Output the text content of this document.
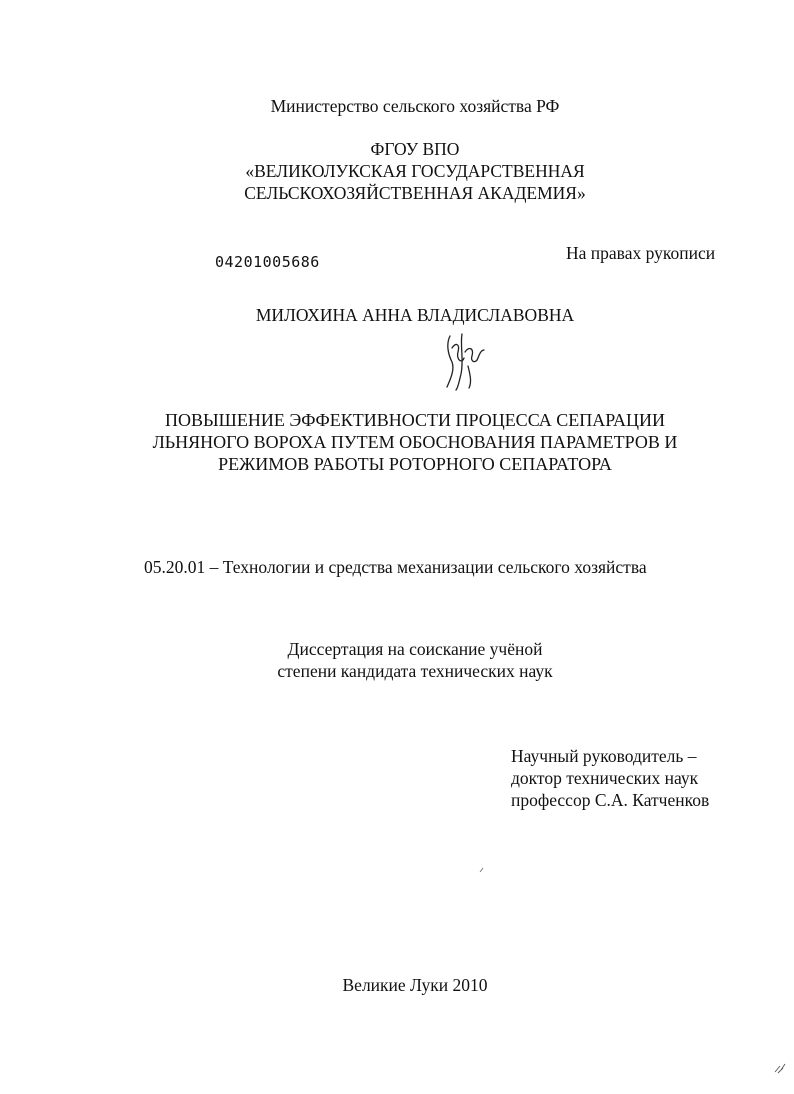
Министерство сельского хозяйства РФ
ФГОУ ВПО
«ВЕЛИКОЛУКСКАЯ ГОСУДАРСТВЕННАЯ
СЕЛЬСКОХОЗЯЙСТВЕННАЯ АКАДЕМИЯ»
04201005686	На правах рукописи
МИЛОХИНА АННА ВЛАДИСЛАВОВНА
ПОВЫШЕНИЕ ЭФФЕКТИВНОСТИ ПРОЦЕССА СЕПАРАЦИИ
ЛЬНЯНОГО ВОРОХА ПУТЕМ ОБОСНОВАНИЯ ПАРАМЕТРОВ И
РЕЖИМОВ РАБОТЫ РОТОРНОГО СЕПАРАТОРА
05.20.01 – Технологии и средства механизации сельского хозяйства
Диссертация на соискание учёной
степени кандидата технических наук
Научный руководитель –
доктор технических наук
профессор С.А. Катченков
Великие Луки 2010
